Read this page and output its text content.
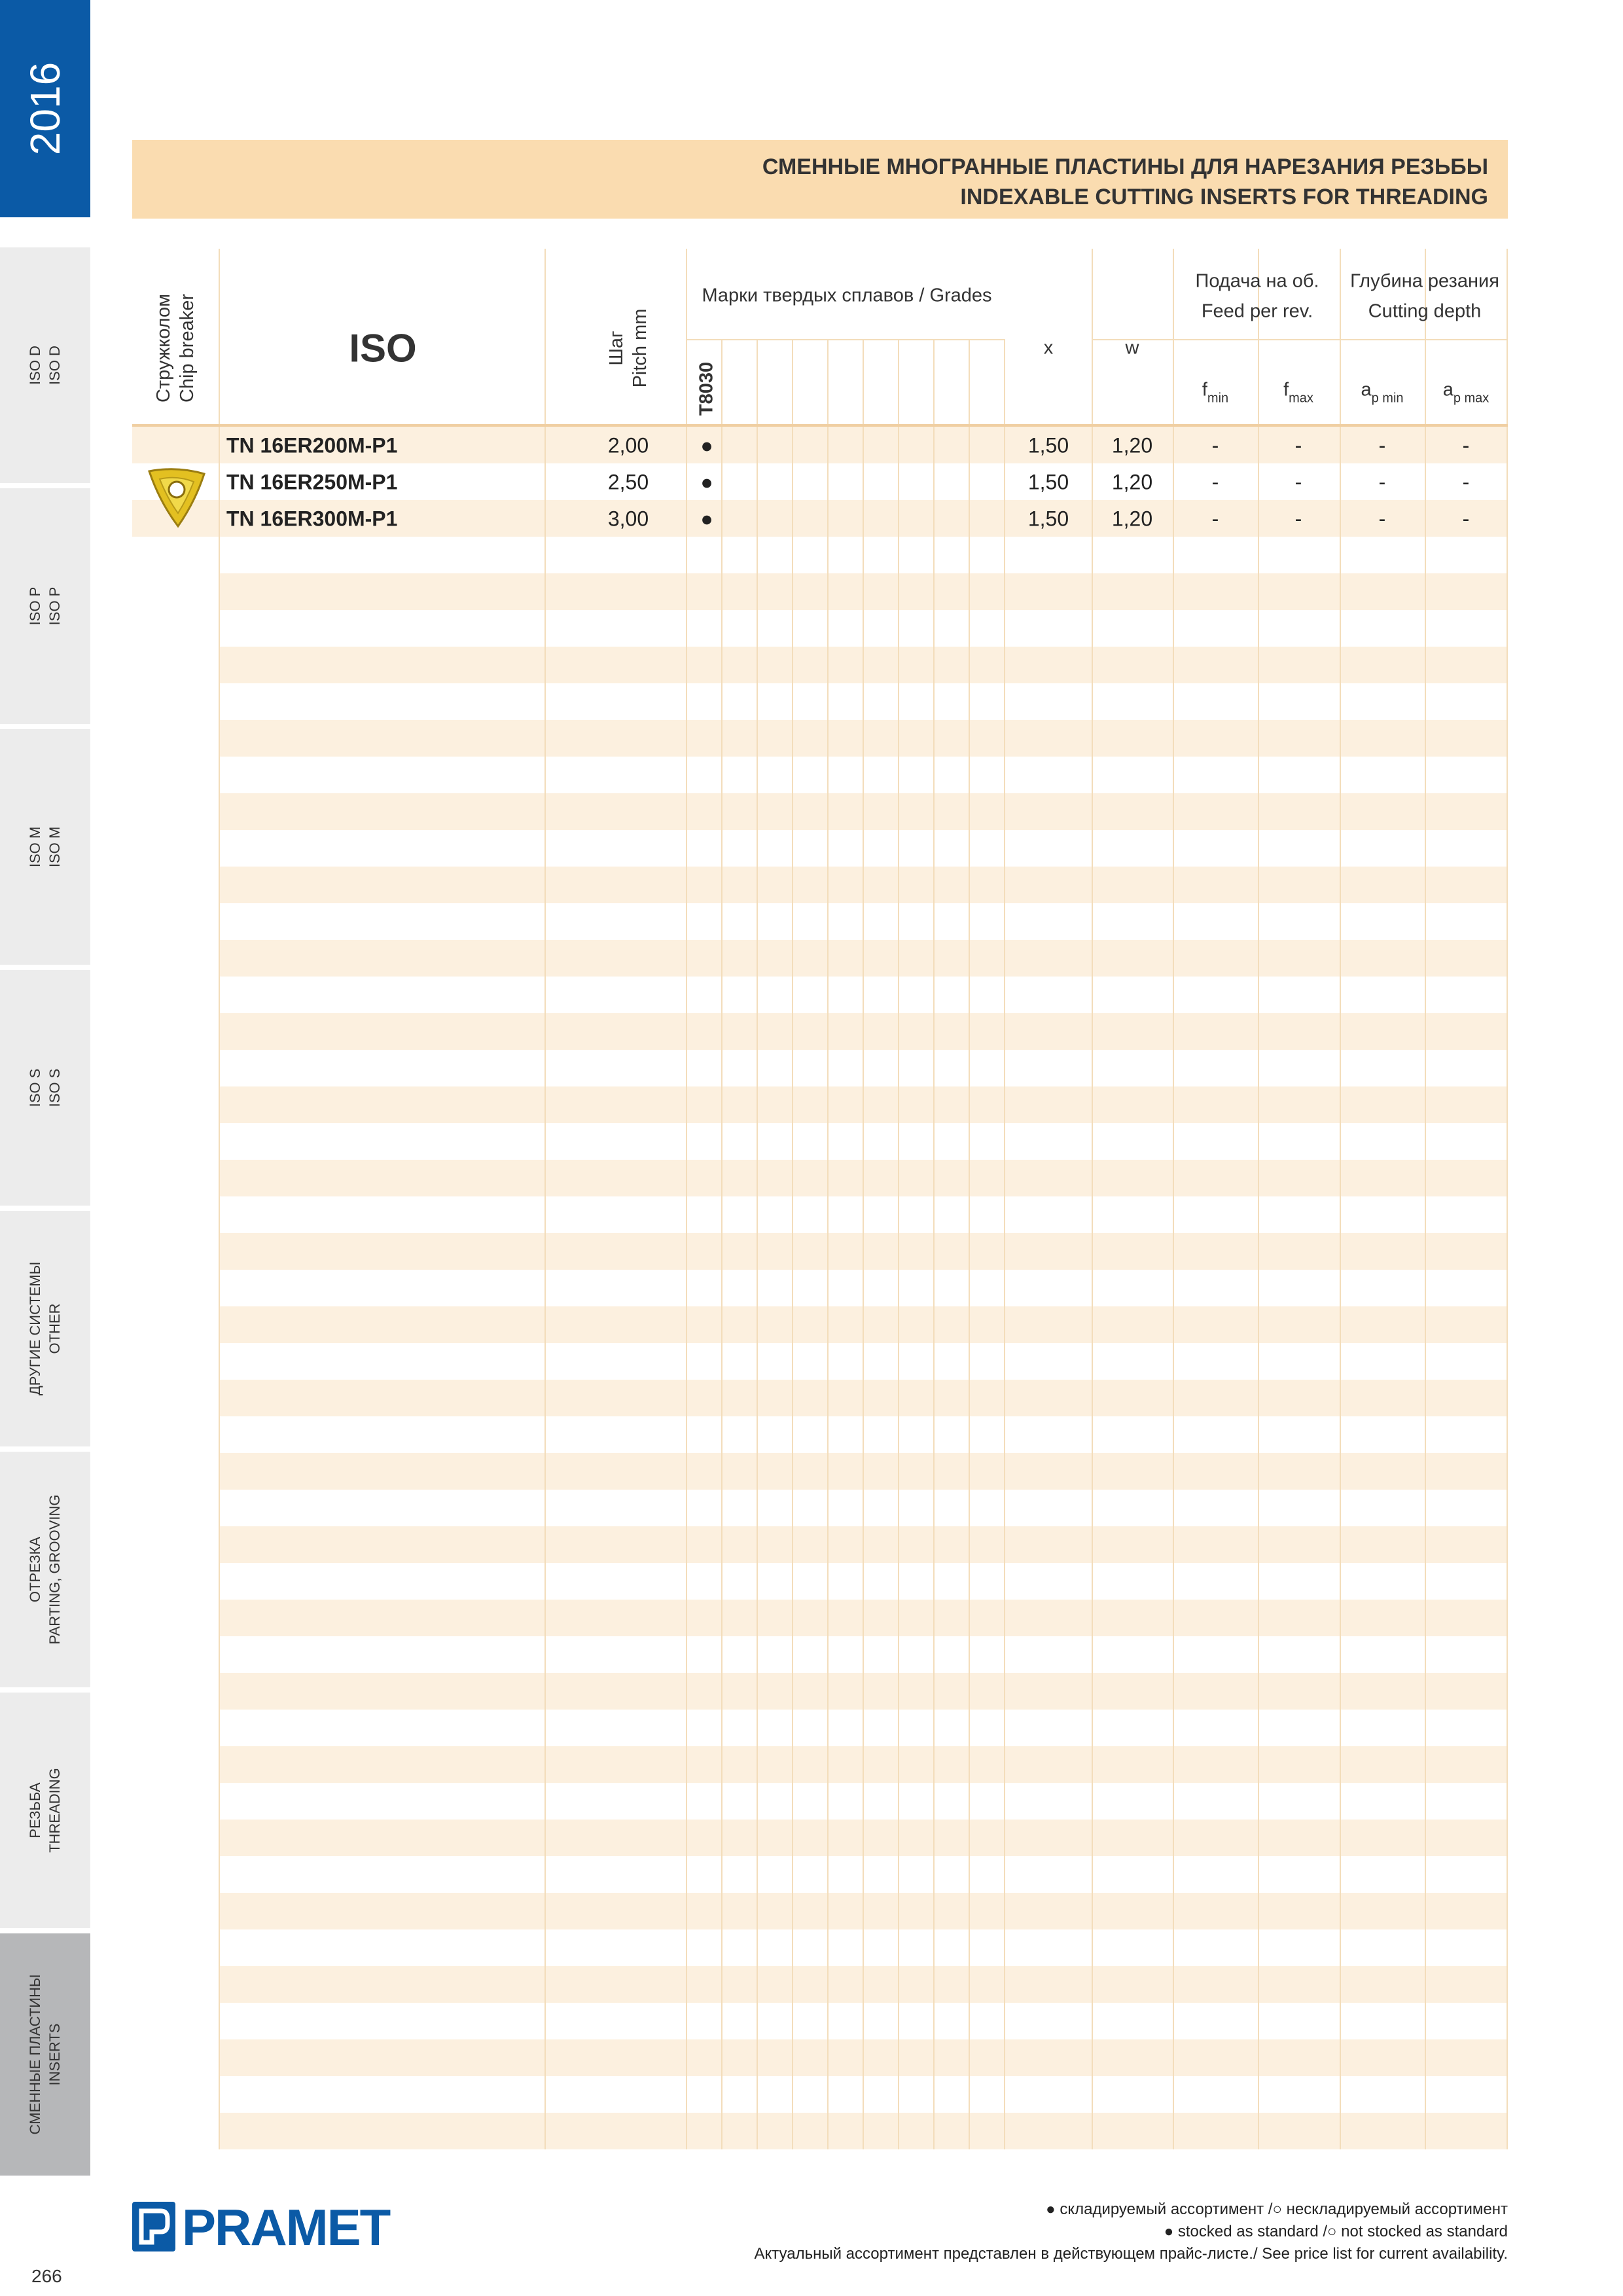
2016
ISO D ISO D
ISO P ISO P
ISO M ISO M
ISO S ISO S
ДРУГИЕ СИСТЕМЫ OTHER
ОТРЕЗКА PARTING, GROOVING
РЕЗЬБА THREADING
СМЕННЫЕ ПЛАСТИНЫ INSERTS
266
СМЕННЫЕ МНОГРАННЫЕ ПЛАСТИНЫ ДЛЯ НАРЕЗАНИЯ РЕЗЬБЫ
INDEXABLE CUTTING INSERTS FOR THREADING
Стружколом Chip breaker	ISO	Шаг Pitch mm
Марки твердых сплавов / Grades
T8030
x	w
Подача на об.
Feed per rev.
Глубина резания
Cutting depth
$f_{min}$	$f_{max}$	$a_{p min}$ $a_{p max}$
TN 16ER200M-P1	2,00 ●	1,50 1,20	-	-	-	-
TN 16ER250M-P1	2,50 ●	1,50 1,20	-	-	-	-
TN 16ER300M-P1	3,00 ●	1,50 1,20	-	-	-	-
PRAMET	● складируемый ассортимент /○ нескладируемый ассортимент
● stocked as standard /○ not stocked as standard
Актуальный ассортимент представлен в действующем прайс-листе./ See price list for current availability.
